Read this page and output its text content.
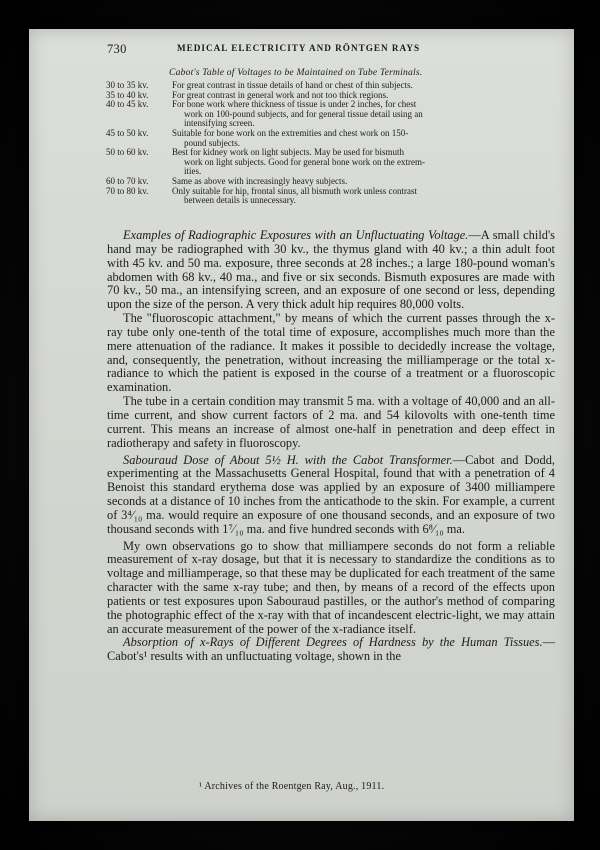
730	MEDICAL ELECTRICITY AND RÖNTGEN RAYS
Cabot's Table of Voltages to be Maintained on Tube Terminals.
30 to 35 kv.	For great contrast in tissue details of hand or chest of thin subjects.
35 to 40 kv.	For great contrast in general work and not too thick regions.
40 to 45 kv.	For bone work where thickness of tissue is under 2 inches, for chest
work on 100-pound subjects, and for general tissue detail using an
intensifying screen.
45 to 50 kv.	Suitable for bone work on the extremities and chest work on 150-
pound subjects.
50 to 60 kv.	Best for kidney work on light subjects. May be used for bismuth
work on light subjects. Good for general bone work on the extrem-
ities.
60 to 70 kv.	Same as above with increasingly heavy subjects.
70 to 80 kv.	Only suitable for hip, frontal sinus, all bismuth work unless contrast
between details is unnecessary.

Examples of Radiographic Exposures with an Unfluctuating Voltage.—A small child's hand may be radiographed with 30 kv., the thymus gland with 40 kv.; a thin adult foot with 45 kv. and 50 ma. exposure, three seconds at 28 inches.; a large 180-pound woman's abdomen with 68 kv., 40 ma., and five or six seconds. Bismuth exposures are made with 70 kv., 50 ma., an intensifying screen, and an exposure of one second or less, depending upon the size of the person. A very thick adult hip requires 80,000 volts.

The "fluoroscopic attachment," by means of which the current passes through the x-ray tube only one-tenth of the total time of exposure, accomplishes much more than the mere attenuation of the radiance. It makes it possible to decidedly increase the voltage, and, consequently, the penetration, without increasing the milliamperage or the total x-radiance to which the patient is exposed in the course of a treatment or a fluoroscopic examination.

The tube in a certain condition may transmit 5 ma. with a voltage of 40,000 and an all-time current, and show current factors of 2 ma. and 54 kilovolts with one-tenth time current. This means an increase of almost one-half in penetration and deep effect in radiotherapy and safety in fluoroscopy.

Sabouraud Dose of About 5½ H. with the Cabot Transformer.—Cabot and Dodd, experimenting at the Massachusetts General Hospital, found that with a penetration of 4 Benoist this standard erythema dose was applied by an exposure of 3400 milliampere seconds at a distance of 10 inches from the anticathode to the skin. For example, a current of 3⁴⁄₁₀ ma. would require an exposure of one thousand seconds, and an exposure of two thousand seconds with 1⁷⁄₁₀ ma. and five hundred seconds with 6⁸⁄₁₀ ma.

My own observations go to show that milliampere seconds do not form a reliable measurement of x-ray dosage, but that it is necessary to standardize the conditions as to voltage and milliamperage, so that these may be duplicated for each treatment of the same character with the same x-ray tube; and then, by means of a record of the effects upon patients or test exposures upon Sabouraud pastilles, or the author's method of comparing the photographic effect of the x-ray with that of incandescent electric-light, we may attain an accurate measurement of the power of the x-radiance itself.

Absorption of x-Rays of Different Degrees of Hardness by the Human Tissues.—Cabot's¹ results with an unfluctuating voltage, shown in the

¹ Archives of the Roentgen Ray, Aug., 1911.
